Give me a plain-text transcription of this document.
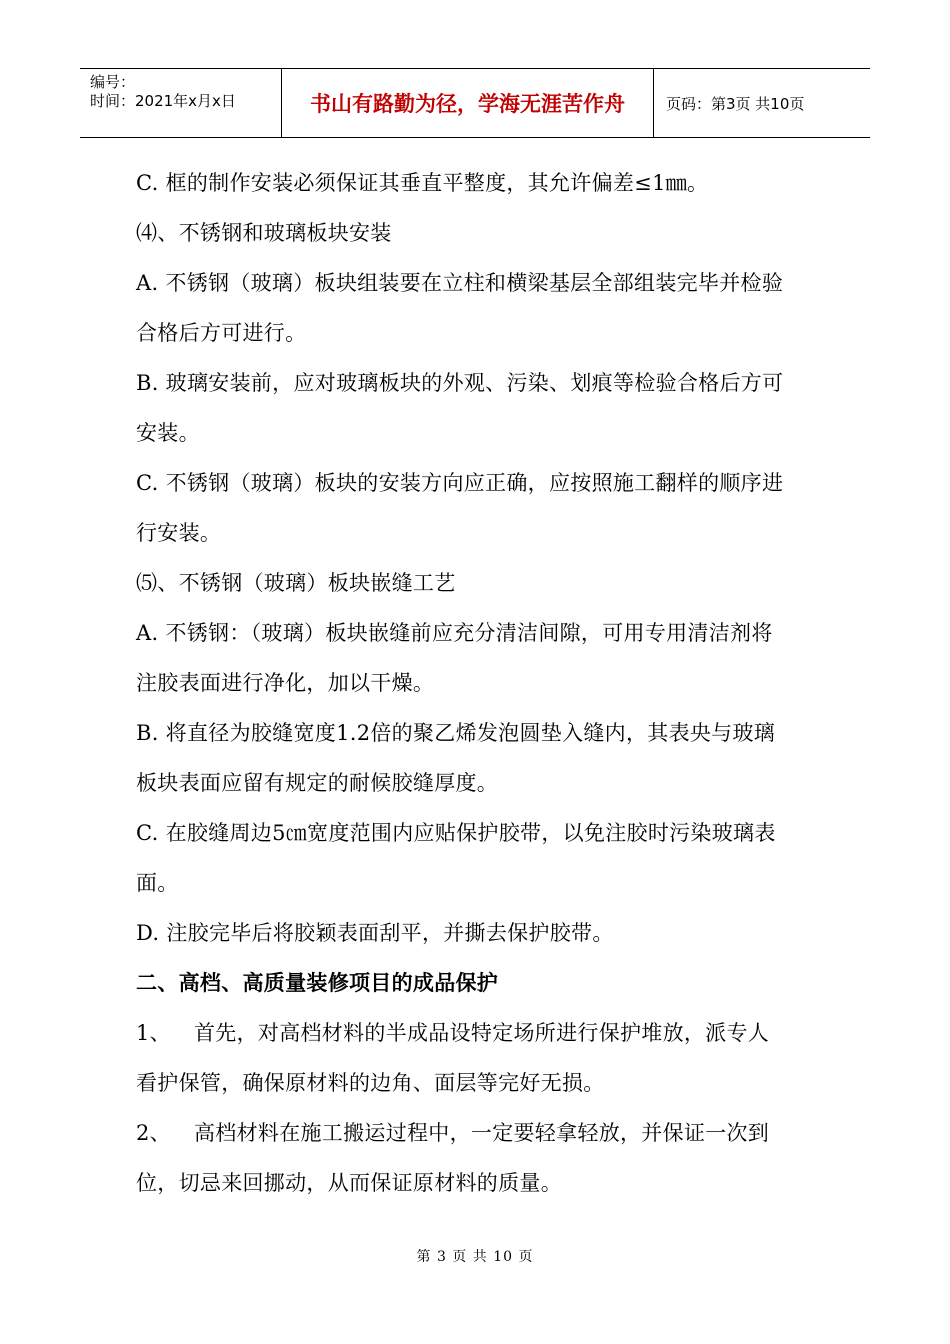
编号：
时间：2021年x月x日	书山有路勤为径，学海无涯苦作舟	页码：第3页 共10页

C. 框的制作安装必须保证其垂直平整度，其允许偏差≤1㎜。

⑷、不锈钢和玻璃板块安装

A. 不锈钢（玻璃）板块组装要在立柱和横梁基层全部组装完毕并检验

合格后方可进行。

B. 玻璃安装前，应对玻璃板块的外观、污染、划痕等检验合格后方可

安装。

C. 不锈钢（玻璃）板块的安装方向应正确，应按照施工翻样的顺序进

行安装。

⑸、不锈钢（玻璃）板块嵌缝工艺

A. 不锈钢：（玻璃）板块嵌缝前应充分清洁间隙，可用专用清洁剂将

注胶表面进行净化，加以干燥。

B. 将直径为胶缝宽度1.2倍的聚乙烯发泡圆垫入缝内，其表央与玻璃

板块表面应留有规定的耐候胶缝厚度。

C. 在胶缝周边5㎝宽度范围内应贴保护胶带，以免注胶时污染玻璃表

面。

D. 注胶完毕后将胶颖表面刮平，并撕去保护胶带。

二、高档、高质量装修项目的成品保护

1、 首先，对高档材料的半成品设特定场所进行保护堆放，派专人

看护保管，确保原材料的边角、面层等完好无损。

2、 高档材料在施工搬运过程中，一定要轻拿轻放，并保证一次到

位，切忌来回挪动，从而保证原材料的质量。

第 3 页 共 10 页
